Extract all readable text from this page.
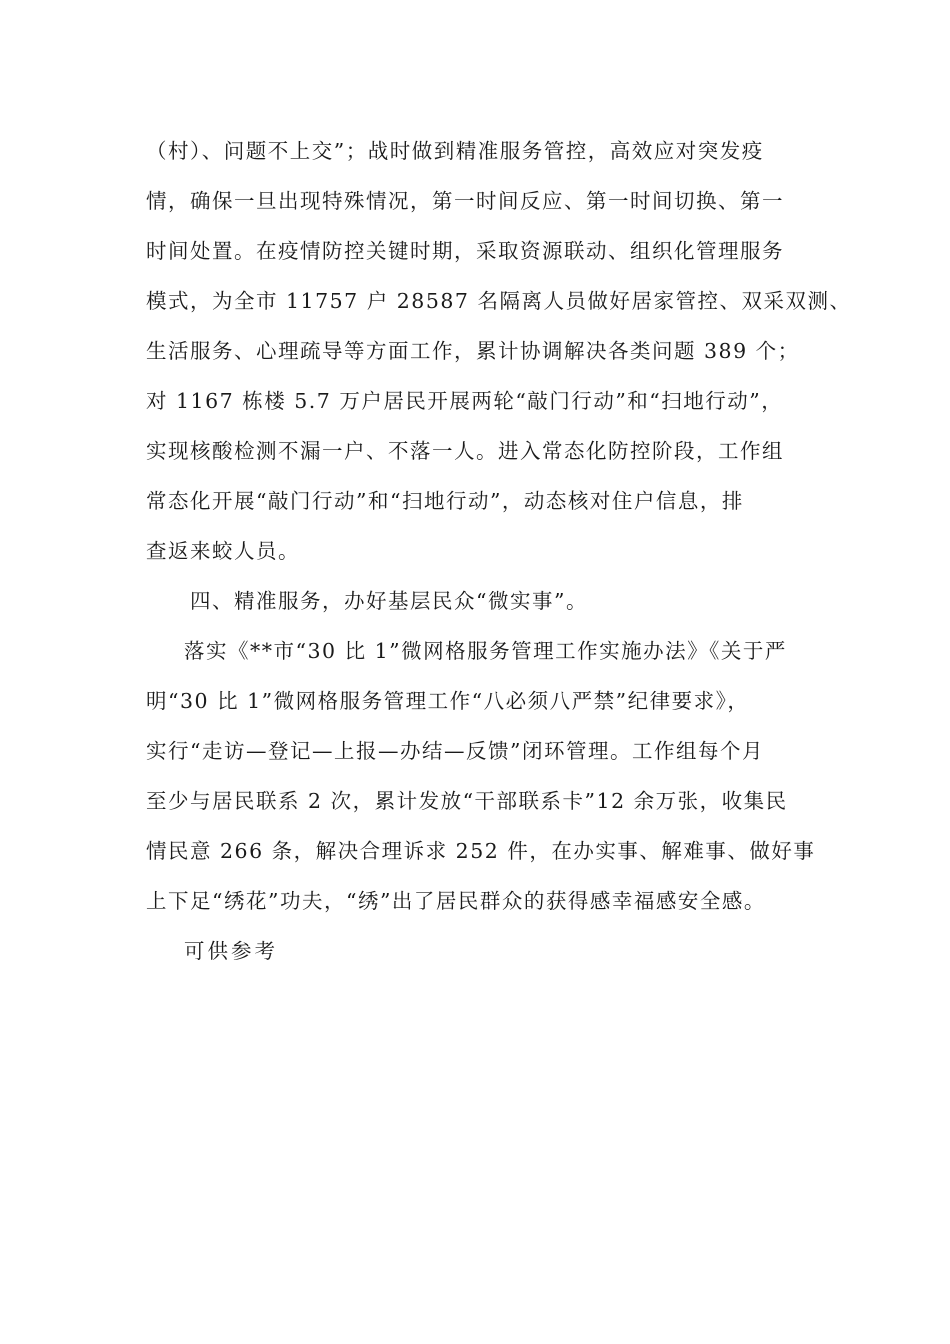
（村）、问题不上交”；战时做到精准服务管控，高效应对突发疫
情，确保一旦出现特殊情况，第一时间反应、第一时间切换、第一
时间处置。在疫情防控关键时期，采取资源联动、组织化管理服务
模式，为全市 11757 户 28587 名隔离人员做好居家管控、双采双测、
生活服务、心理疏导等方面工作，累计协调解决各类问题 389 个；
对 1167 栋楼 5.7 万户居民开展两轮“敲门行动”和“扫地行动”，
实现核酸检测不漏一户、不落一人。进入常态化防控阶段，工作组
常态化开展“敲门行动”和“扫地行动”，动态核对住户信息，排
查返来蛟人员。
四、精准服务，办好基层民众“微实事”。
落实《**市“30 比 1”微网格服务管理工作实施办法》《关于严
明“30 比 1”微网格服务管理工作“八必须八严禁”纪律要求》，
实行“走访—登记—上报—办结—反馈”闭环管理。工作组每个月
至少与居民联系 2 次，累计发放“干部联系卡”12 余万张，收集民
情民意 266 条，解决合理诉求 252 件，在办实事、解难事、做好事
上下足“绣花”功夫，“绣”出了居民群众的获得感幸福感安全感。
可供参考
